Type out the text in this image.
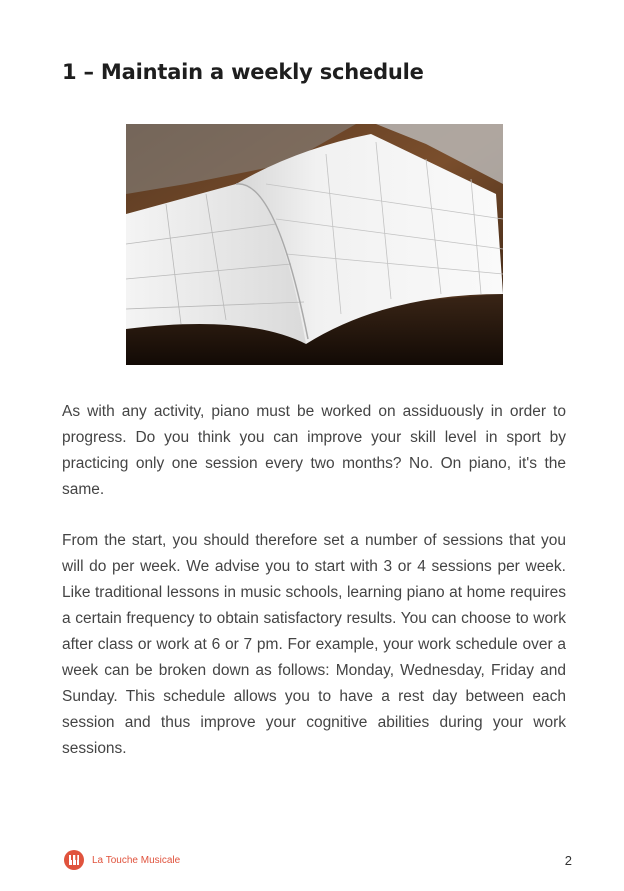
1 – Maintain a weekly schedule

As with any activity, piano must be worked on assiduously in order to progress. Do you think you can improve your skill level in sport by practicing only one session every two months? No. On piano, it's the same.

From the start, you should therefore set a number of sessions that you will do per week. We advise you to start with 3 or 4 sessions per week. Like traditional lessons in music schools, learning piano at home requires a certain frequency to obtain satisfactory results. You can choose to work after class or work at 6 or 7 pm. For example, your work schedule over a week can be broken down as follows: Monday, Wednesday, Friday and Sunday. This schedule allows you to have a rest day between each session and thus improve your cognitive abilities during your work sessions.

La Touche Musicale	2
